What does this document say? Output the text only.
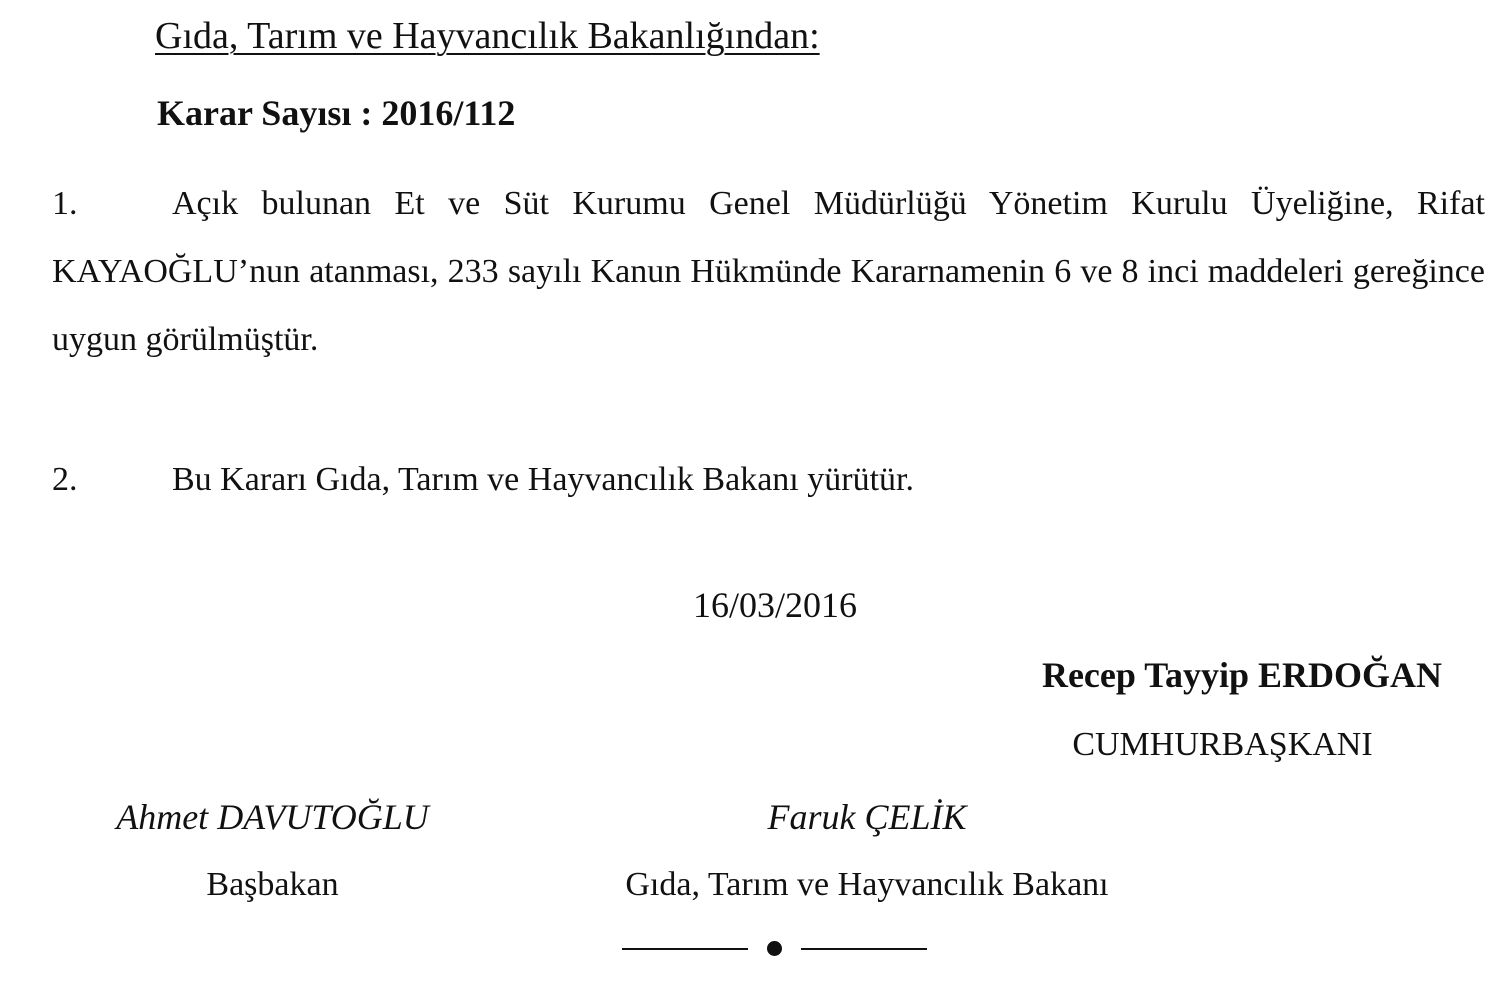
Gıda, Tarım ve Hayvancılık Bakanlığından:
Karar Sayısı : 2016/112
1.	Açık bulunan Et ve Süt Kurumu Genel Müdürlüğü Yönetim Kurulu Üyeliğine, Rifat KAYAOĞLU’nun atanması, 233 sayılı Kanun Hükmünde Kararnamenin 6 ve 8 inci maddeleri gereğince uygun görülmüştür.
2.	Bu Kararı Gıda, Tarım ve Hayvancılık Bakanı yürütür.
16/03/2016
Recep Tayyip ERDOĞAN
CUMHURBAŞKANI
Ahmet DAVUTOĞLU
Başbakan
Faruk ÇELİK
Gıda, Tarım ve Hayvancılık Bakanı
